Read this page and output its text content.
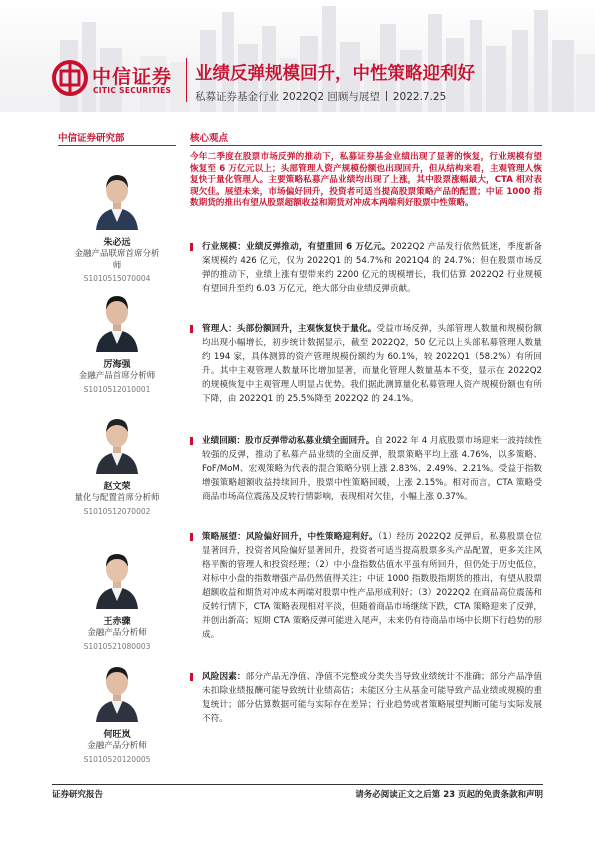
中信证券
CITIC SECURITIES
业绩反弹规模回升，中性策略迎利好
私募证券基金行业 2022Q2 回顾与展望 2022.7.25
中信证券研究部	核心观点
朱必远
金融产品联席首席分析师
S1010515070004
厉海强
金融产品首席分析师
S1010512010001
赵文荣
量化与配置首席分析师
S1010512070002
王赤骤
金融产品分析师
S1010521080003
何旺岚
金融产品分析师
S1010520120005
今年二季度在股票市场反弹的推动下，私募证券基金业绩出现了显著的恢复，行业规模有望恢复至 6 万亿元以上；头部管理人资产规模份额也出现回升，但从结构来看，主观管理人恢复快于量化管理人。主要策略私募产品业绩均出现了上涨，其中股票涨幅最大，CTA 相对表现欠佳。展望未来，市场偏好回升，投资者可适当提高股票策略产品的配置；中证 1000 指数期货的推出有望从股票超额收益和期货对冲成本两端利好股票中性策略。
行业规模：业绩反弹推动，有望重回 6 万亿元。2022Q2 产品发行依然低迷，季度新备案规模约 426 亿元，仅为 2022Q1 的 54.7%和 2021Q4 的 24.7%；但在股票市场反弹的推动下，业绩上涨有望带来约 2200 亿元的规模增长，我们估算 2022Q2 行业规模有望回升至约 6.03 万亿元，绝大部分由业绩反弹贡献。
管理人：头部份额回升，主观恢复快于量化。受益市场反弹，头部管理人数量和规模份额均出现小幅增长，初步统计数据显示，截至 2022Q2，50 亿元以上头部私募管理人数量约 194 家，具体测算的资产管理规模份额约为 60.1%，较 2022Q1（58.2%）有所回升。其中主观管理人数量环比增加显著，而量化管理人数量基本不变，显示在 2022Q2 的规模恢复中主观管理人明显占优势。我们据此测算量化私募管理人资产规模份额也有所下降，由 2022Q1 的 25.5%降至 2022Q2 的 24.1%。
业绩回顾：股市反弹带动私募业绩全面回升。自 2022 年 4 月底股票市场迎来一波持续性较强的反弹，推动了私募产品业绩的全面反弹，股票策略平均上涨 4.76%，以多策略、FoF/MoM、宏观策略为代表的混合策略分别上涨 2.83%、2.49%、2.21%。受益于指数增强策略超额收益持续回升，股票中性策略回暖，上涨 2.15%。相对而言，CTA 策略受商品市场高位震荡及反转行情影响，表现相对欠佳，小幅上涨 0.37%。
策略展望：风险偏好回升，中性策略迎利好。（1）经历 2022Q2 反弹后，私募股票仓位显著回升，投资者风险偏好显著回升，投资者可适当提高股票多头产品配置，更多关注风格平衡的管理人和投资经理；（2）中小盘指数估值水平虽有所回升，但仍处于历史低位，对标中小盘的指数增强产品仍然值得关注；中证 1000 指数股指期货的推出，有望从股票超额收益和期货对冲成本两端对股票中性产品形成利好；（3）2022Q2 在商品高位震荡和反转行情下，CTA 策略表现相对平淡，但随着商品市场继续下跌，CTA 策略迎来了反弹，并创出新高；短期 CTA 策略反弹可能进入尾声，未来仍有待商品市场中长期下行趋势的形成。
风险因素：部分产品无净值、净值不完整或分类失当导致业绩统计不准确；部分产品净值未扣除业绩报酬可能导致统计业绩高估；未能区分主从基金可能导致产品业绩或规模的重复统计；部分估算数据可能与实际存在差异；行业趋势或者策略展望判断可能与实际发展不符。
证券研究报告	请务必阅读正文之后第 23 页起的免责条款和声明
